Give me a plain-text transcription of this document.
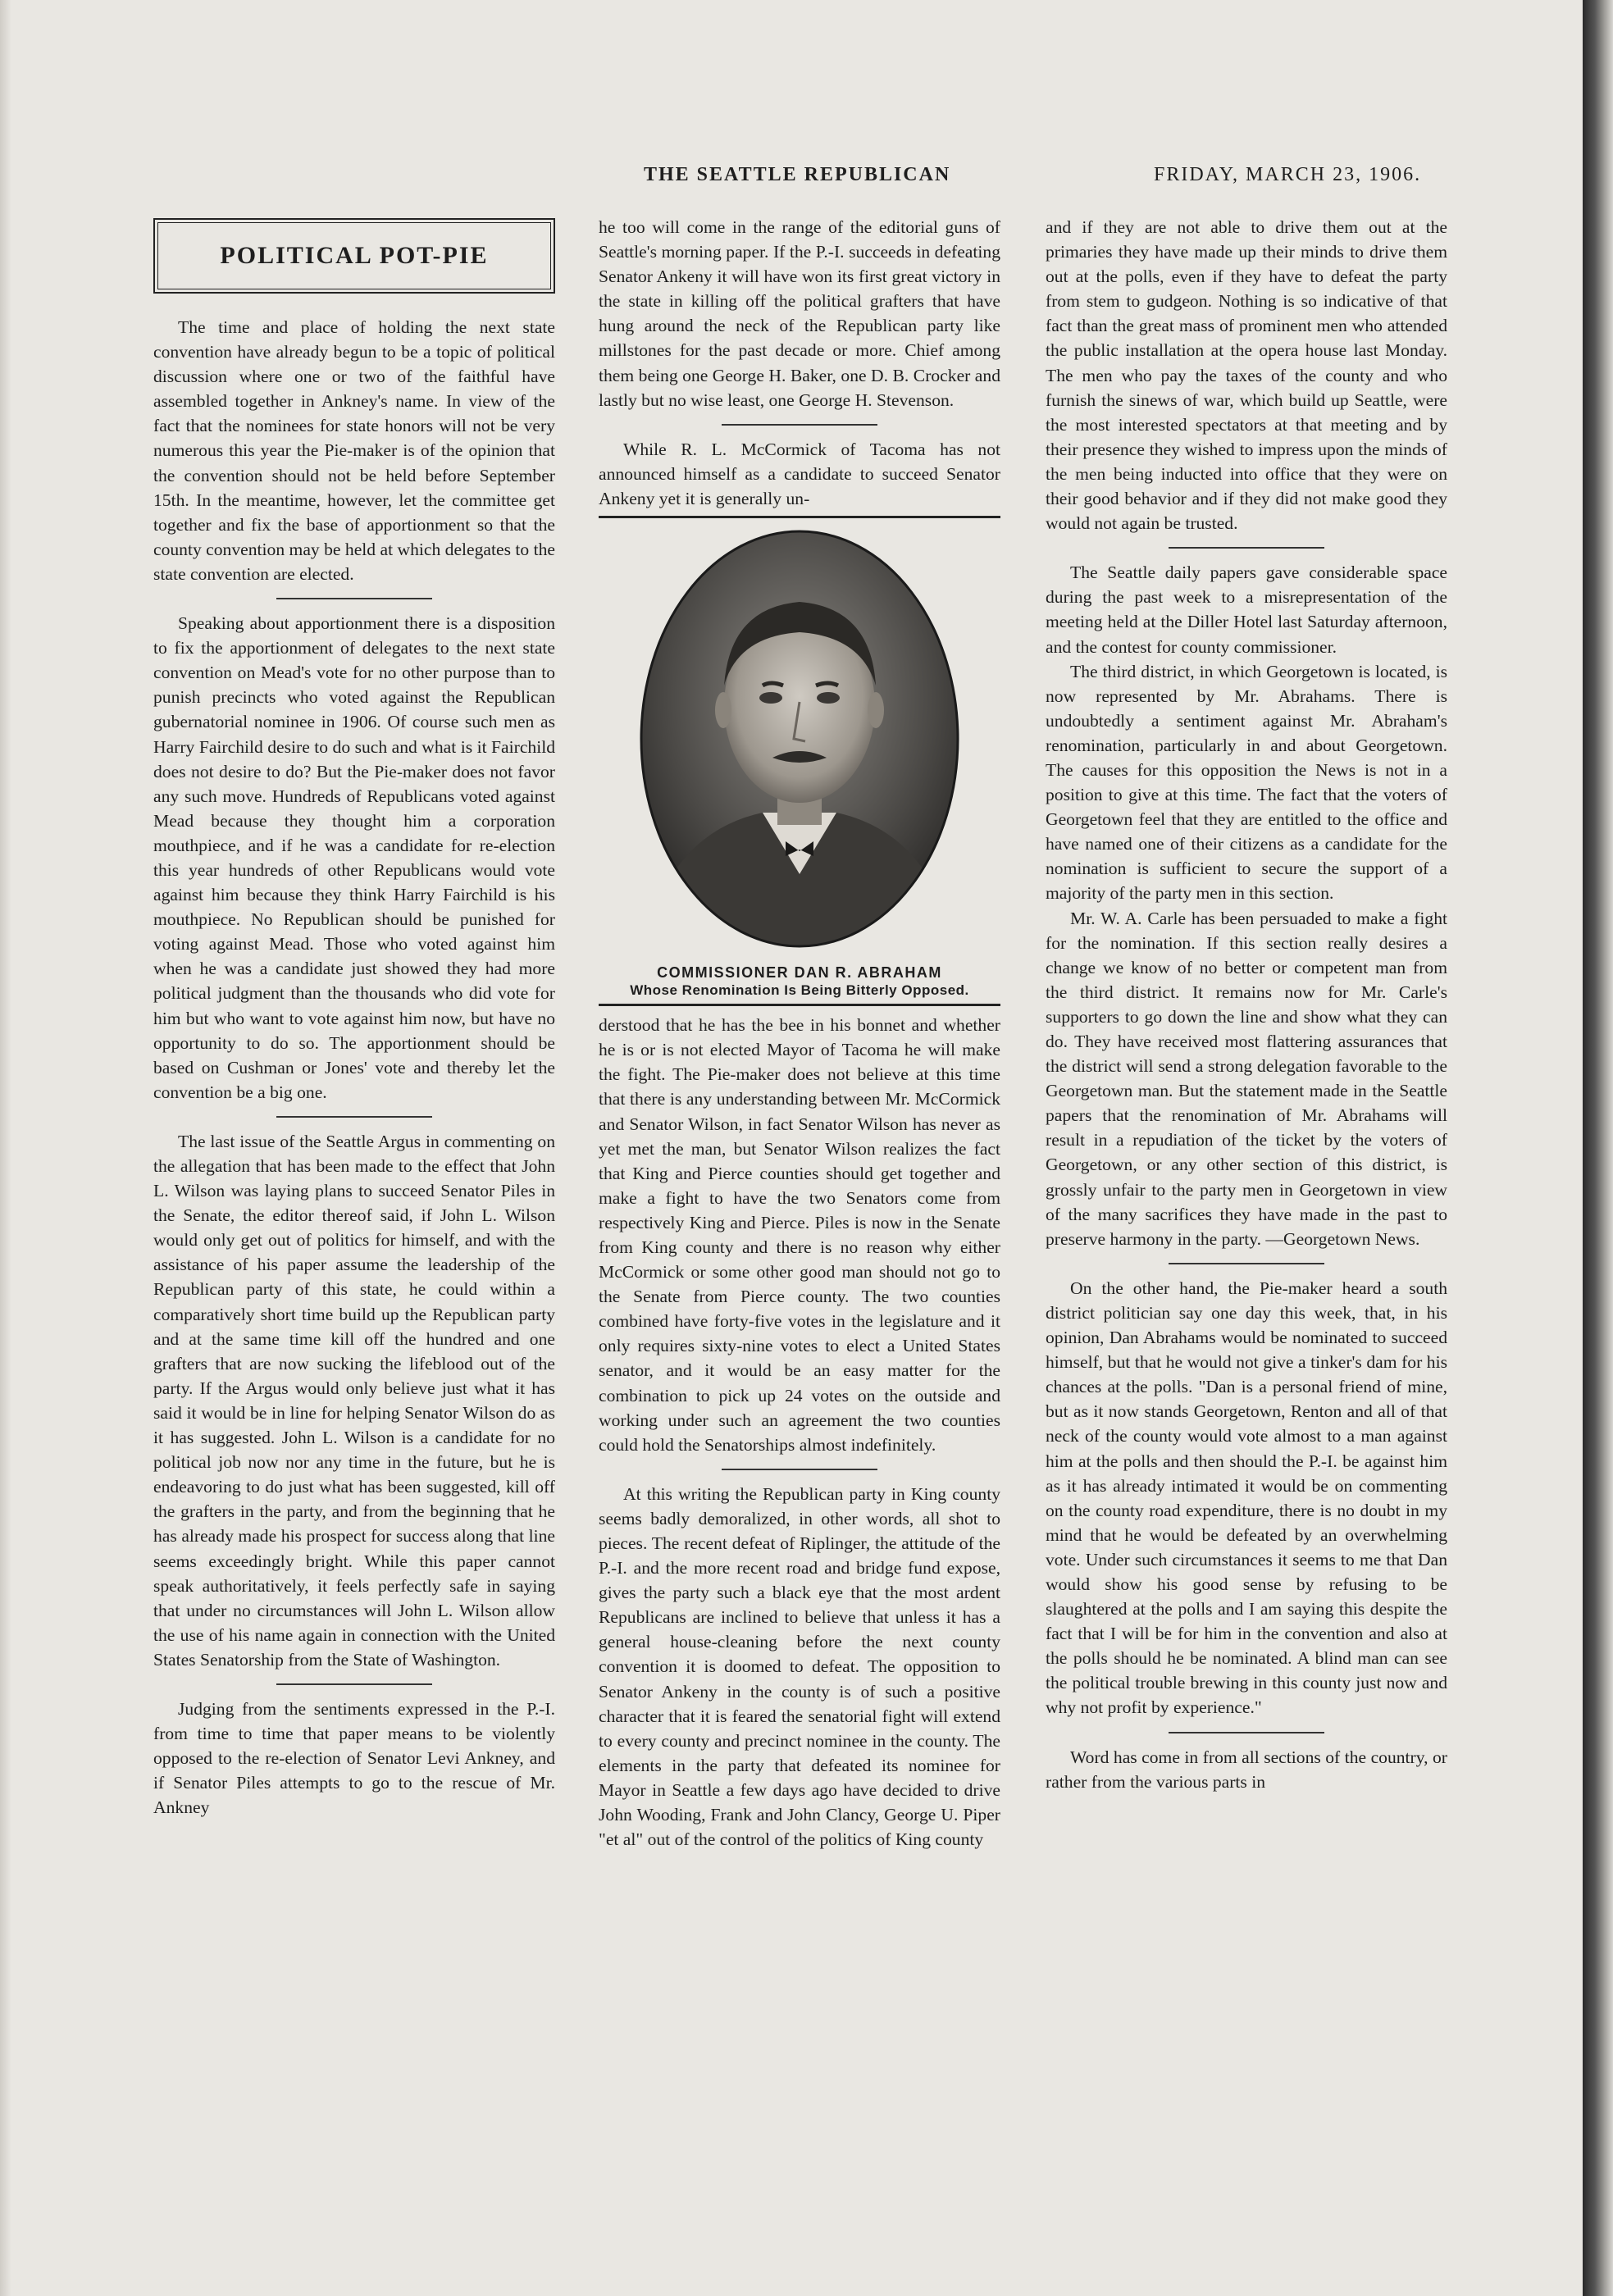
THE SEATTLE REPUBLICAN	FRIDAY, MARCH 23, 1906.
POLITICAL POT-PIE

The time and place of holding the next state convention have already begun to be a topic of political discussion where one or two of the faithful have assembled together in Ankney's name. In view of the fact that the nominees for state honors will not be very numerous this year the Pie-maker is of the opinion that the convention should not be held before September 15th. In the meantime, however, let the committee get together and fix the base of apportionment so that the county convention may be held at which delegates to the state convention are elected.

Speaking about apportionment there is a disposition to fix the apportionment of delegates to the next state convention on Mead's vote for no other purpose than to punish precincts who voted against the Republican gubernatorial nominee in 1906. Of course such men as Harry Fairchild desire to do such and what is it Fairchild does not desire to do? But the Pie-maker does not favor any such move. Hundreds of Republicans voted against Mead because they thought him a corporation mouthpiece, and if he was a candidate for re-election this year hundreds of other Republicans would vote against him because they think Harry Fairchild is his mouthpiece. No Republican should be punished for voting against Mead. Those who voted against him when he was a candidate just showed they had more political judgment than the thousands who did vote for him but who want to vote against him now, but have no opportunity to do so. The apportionment should be based on Cushman or Jones' vote and thereby let the convention be a big one.

The last issue of the Seattle Argus in commenting on the allegation that has been made to the effect that John L. Wilson was laying plans to succeed Senator Piles in the Senate, the editor thereof said, if John L. Wilson would only get out of politics for himself, and with the assistance of his paper assume the leadership of the Republican party of this state, he could within a comparatively short time build up the Republican party and at the same time kill off the hundred and one grafters that are now sucking the lifeblood out of the party. If the Argus would only believe just what it has said it would be in line for helping Senator Wilson do as it has suggested. John L. Wilson is a candidate for no political job now nor any time in the future, but he is endeavoring to do just what has been suggested, kill off the grafters in the party, and from the beginning that he has already made his prospect for success along that line seems exceedingly bright. While this paper cannot speak authoritatively, it feels perfectly safe in saying that under no circumstances will John L. Wilson allow the use of his name again in connection with the United States Senatorship from the State of Washington.

Judging from the sentiments expressed in the P.-I. from time to time that paper means to be violently opposed to the re-election of Senator Levi Ankney, and if Senator Piles attempts to go to the rescue of Mr. Ankney

he too will come in the range of the editorial guns of Seattle's morning paper. If the P.-I. succeeds in defeating Senator Ankeny it will have won its first great victory in the state in killing off the political grafters that have hung around the neck of the Republican party like millstones for the past decade or more. Chief among them being one George H. Baker, one D. B. Crocker and lastly but no wise least, one George H. Stevenson.

While R. L. McCormick of Tacoma has not announced himself as a candidate to succeed Senator Ankeny yet it is generally un-

COMMISSIONER DAN R. ABRAHAM
Whose Renomination Is Being Bitterly Opposed.

derstood that he has the bee in his bonnet and whether he is or is not elected Mayor of Tacoma he will make the fight. The Pie-maker does not believe at this time that there is any understanding between Mr. McCormick and Senator Wilson, in fact Senator Wilson has never as yet met the man, but Senator Wilson realizes the fact that King and Pierce counties should get together and make a fight to have the two Senators come from respectively King and Pierce. Piles is now in the Senate from King county and there is no reason why either McCormick or some other good man should not go to the Senate from Pierce county. The two counties combined have forty-five votes in the legislature and it only requires sixty-nine votes to elect a United States senator, and it would be an easy matter for the combination to pick up 24 votes on the outside and working under such an agreement the two counties could hold the Senatorships almost indefinitely.

At this writing the Republican party in King county seems badly demoralized, in other words, all shot to pieces. The recent defeat of Riplinger, the attitude of the P.-I. and the more recent road and bridge fund expose, gives the party such a black eye that the most ardent Republicans are inclined to believe that unless it has a general house-cleaning before the next county convention it is doomed to defeat. The opposition to Senator Ankeny in the county is of such a positive character that it is feared the senatorial fight will extend to every county and precinct nominee in the county. The elements in the party that defeated its nominee for Mayor in Seattle a few days ago have decided to drive John Wooding, Frank and John Clancy, George U. Piper "et al" out of the control of the politics of King county

and if they are not able to drive them out at the primaries they have made up their minds to drive them out at the polls, even if they have to defeat the party from stem to gudgeon. Nothing is so indicative of that fact than the great mass of prominent men who attended the public installation at the opera house last Monday. The men who pay the taxes of the county and who furnish the sinews of war, which build up Seattle, were the most interested spectators at that meeting and by their presence they wished to impress upon the minds of the men being inducted into office that they were on their good behavior and if they did not make good they would not again be trusted.

The Seattle daily papers gave considerable space during the past week to a misrepresentation of the meeting held at the Diller Hotel last Saturday afternoon, and the contest for county commissioner.

The third district, in which Georgetown is located, is now represented by Mr. Abrahams. There is undoubtedly a sentiment against Mr. Abraham's renomination, particularly in and about Georgetown. The causes for this opposition the News is not in a position to give at this time. The fact that the voters of Georgetown feel that they are entitled to the office and have named one of their citizens as a candidate for the nomination is sufficient to secure the support of a majority of the party men in this section.

Mr. W. A. Carle has been persuaded to make a fight for the nomination. If this section really desires a change we know of no better or competent man from the third district. It remains now for Mr. Carle's supporters to go down the line and show what they can do. They have received most flattering assurances that the district will send a strong delegation favorable to the Georgetown man. But the statement made in the Seattle papers that the renomination of Mr. Abrahams will result in a repudiation of the ticket by the voters of Georgetown, or any other section of this district, is grossly unfair to the party men in Georgetown in view of the many sacrifices they have made in the past to preserve harmony in the party. —Georgetown News.

On the other hand, the Pie-maker heard a south district politician say one day this week, that, in his opinion, Dan Abrahams would be nominated to succeed himself, but that he would not give a tinker's dam for his chances at the polls. "Dan is a personal friend of mine, but as it now stands Georgetown, Renton and all of that neck of the county would vote almost to a man against him at the polls and then should the P.-I. be against him as it has already intimated it would be on commenting on the county road expenditure, there is no doubt in my mind that he would be defeated by an overwhelming vote. Under such circumstances it seems to me that Dan would show his good sense by refusing to be slaughtered at the polls and I am saying this despite the fact that I will be for him in the convention and also at the polls should he be nominated. A blind man can see the political trouble brewing in this county just now and why not profit by experience."

Word has come in from all sections of the country, or rather from the various parts in
